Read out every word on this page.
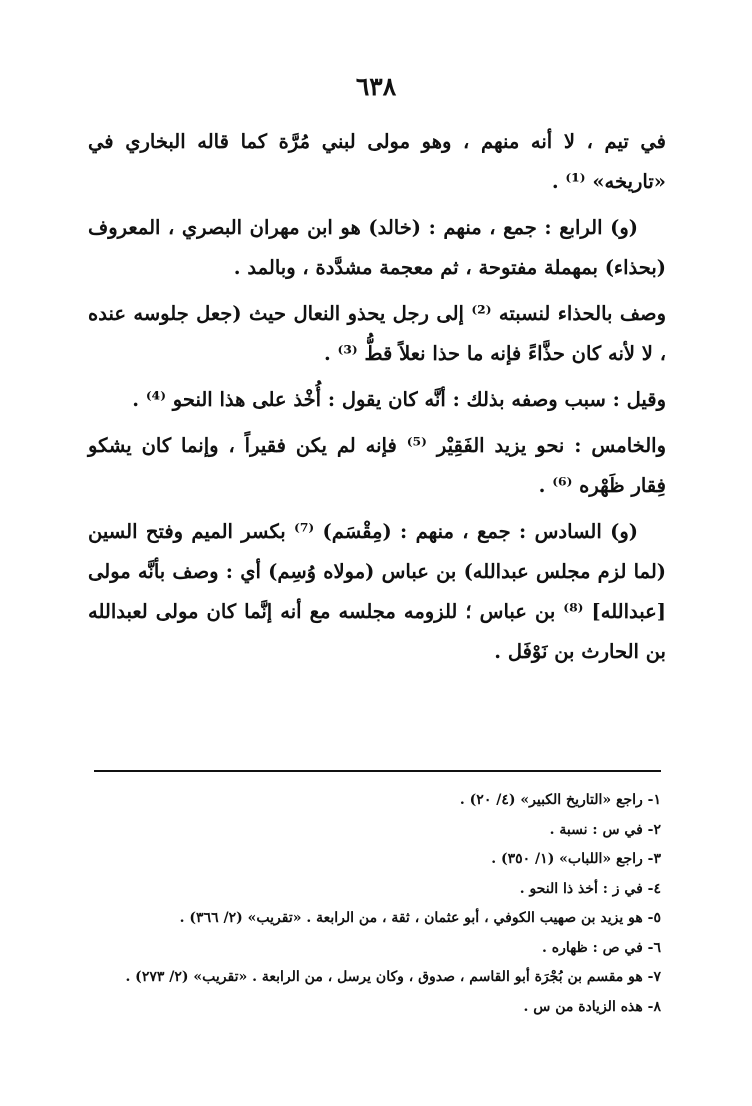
٦٣٨

في تيم ، لا أنه منهم ، وهو مولى لبني مُرَّة كما قاله البخاري في «تاريخه» ⁽¹⁾ .

(و) الرابع : جمع ، منهم : (خالد) هو ابن مهران البصري ، المعروف (بحذاء) بمهملة مفتوحة ، ثم معجمة مشدَّدة ، وبالمد .

وصف بالحذاء لنسبته ⁽²⁾ إلى رجل يحذو النعال حيث (جعل جلوسه عنده ، لا لأنه كان حذَّاءً فإنه ما حذا نعلاً قطُّ ⁽³⁾ .

وقيل : سبب وصفه بذلك : أنَّه كان يقول : أُخْذ على هذا النحو ⁽⁴⁾ .

والخامس : نحو يزيد الفَقِيْر ⁽⁵⁾ فإنه لم يكن فقيراً ، وإنما كان يشكو فِقار ظَهْره ⁽⁶⁾ .

(و) السادس : جمع ، منهم : (مِقْسَم) ⁽⁷⁾ بكسر الميم وفتح السين (لما لزم مجلس عبدالله) بن عباس (مولاه وُسِم) أي : وصف بأنَّه مولى [عبدالله] ⁽⁸⁾ بن عباس ؛ للزومه مجلسه مع أنه إنَّما كان مولى لعبدالله بن الحارث بن نَوْفَل .

١- راجع «التاريخ الكبير» (٤/ ٢٠) .

٢- في س : نسبة .

٣- راجع «اللباب» (١/ ٣٥٠) .

٤- في ز : أخذ ذا النحو .

٥- هو يزيد بن صهيب الكوفي ، أبو عثمان ، ثقة ، من الرابعة . «تقريب» (٢/ ٣٦٦) .

٦- في ص : ظهاره .

٧- هو مقسم بن بُجْرَة أبو القاسم ، صدوق ، وكان يرسل ، من الرابعة . «تقريب» (٢/ ٢٧٣) .

٨- هذه الزيادة من س .
